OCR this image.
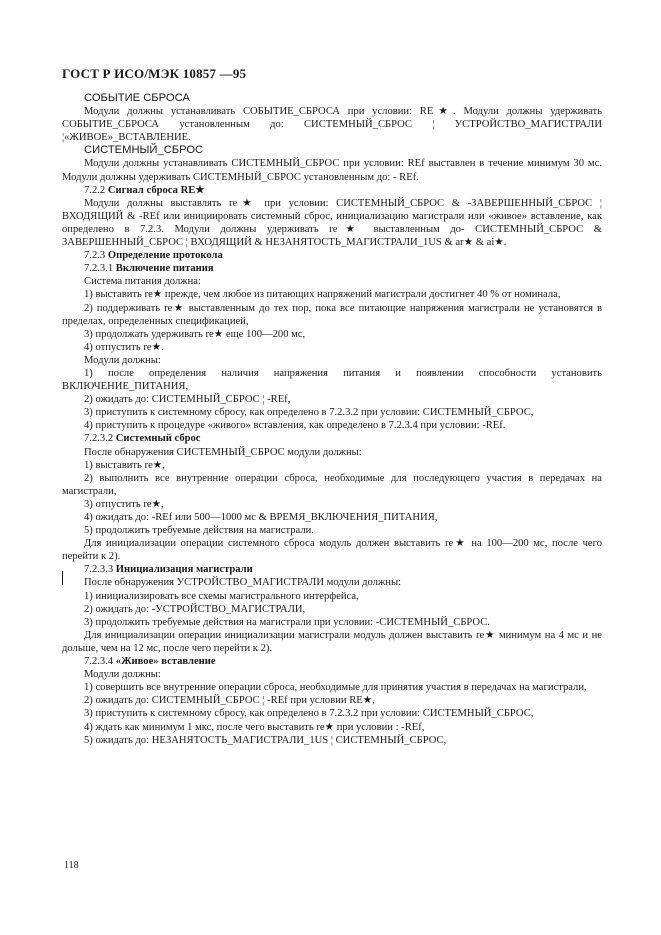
ГОСТ Р ИСО/МЭК 10857 —95

СОБЫТИЕ СБРОСА

Модули должны устанавливать СОБЫТИЕ_СБРОСА при условии: RE★. Модули должны удерживать СОБЫТИЕ_СБРОСА установленным до: СИСТЕМНЫЙ_СБРОС ¦ УСТРОЙСТВО_МАГИСТРАЛИ ¦«ЖИВОЕ»_ВСТАВЛЕНИЕ.

СИСТЕМНЫЙ_СБРОС

Модули должны устанавливать СИСТЕМНЫЙ_СБРОС при условии: REf выставлен в течение минимум 30 мс. Модули должны удерживать СИСТЕМНЫЙ_СБРОС установленным до: - REf.

7.2.2 Сигнал сброса RE★

Модули должны выставлять re★ при условии: СИСТЕМНЫЙ_СБРОС & -ЗАВЕРШЕННЫЙ_СБРОС ¦ ВХОДЯЩИЙ & -REf или инициировать системный сброс, инициализацию магистрали или «живое» вставление, как определено в 7.2.3. Модули должны удерживать re★ выставленным до- СИСТЕМНЫЙ_СБРОС & ЗАВЕРШЕННЫЙ_СБРОС ¦ ВХОДЯЩИЙ & НЕЗАНЯТОСТЬ_МАГИСТРАЛИ_1US & ar★ & ai★.

7.2.3 Определение протокола

7.2.3.1 Включение питания

Система питания должна:

1) выставить re★ прежде, чем любое из питающих напряжений магистрали достигнет 40 % от номинала,

2) поддерживать re★ выставленным до тех пор, пока все питающие напряжения магистрали не установятся в пределах, определенных спецификацией,

3) продолжать удерживать re★ еще 100—200 мс,

4) отпустить re★.

Модули должны:

1) после определения наличия напряжения питания и появлении способности установить ВКЛЮЧЕНИЕ_ПИТАНИЯ,

2) ожидать до: СИСТЕМНЫЙ_СБРОС ¦ -REf,

3) приступить к системному сбросу, как определено в 7.2.3.2 при условии: СИСТЕМНЫЙ_СБРОС,

4) приступить к процедуре «живого» вставления, как определено в 7.2.3.4 при условии: -REf.

7.2.3.2 Системный сброс

После обнаружения СИСТЕМНЫЙ_СБРОС модули должны:

1) выставить re★,

2) выполнить все внутренние операции сброса, необходимые для последующего участия в передачах на магистрали,

3) отпустить re★,

4) ожидать до: -REf или 500—1000 мс & ВРЕМЯ_ВКЛЮЧЕНИЯ_ПИТАНИЯ,

5) продолжить требуемые действия на магистрали.

Для инициализации операции системного сброса модуль должен выставить re★ на 100—200 мс, после чего перейти к 2).

7.2.3.3 Инициализация магистрали

После обнаружения УСТРОЙСТВО_МАГИСТРАЛИ модули должны:

1) инициализировать все схемы магистрального интерфейса,

2) ожидать до: -УСТРОЙСТВО_МАГИСТРАЛИ,

3) продолжить требуемые действия на магистрали при условии: -СИСТЕМНЫЙ_СБРОС.

Для инициализации операции инициализации магистрали модуль должен выставить re★ минимум на 4 мс и не дольше, чем на 12 мс, после чего перейти к 2).

7.2.3.4 «Живое» вставление

Модули должны:

1) совершить все внутренние операции сброса, необходимые для принятия участия в передачах на магистрали,

2) ожидать до: СИСТЕМНЫЙ_СБРОС ¦ -REf при условии RE★,

3) приступить к системному сбросу, как определено в 7.2.3.2 при условии: СИСТЕМНЫЙ_СБРОС,

4) ждать как минимум 1 мкс, после чего выставить re★ при условии : -REf,

5) ожидать до: НЕЗАНЯТОСТЬ_МАГИСТРАЛИ_1US ¦ СИСТЕМНЫЙ_СБРОС,

118
